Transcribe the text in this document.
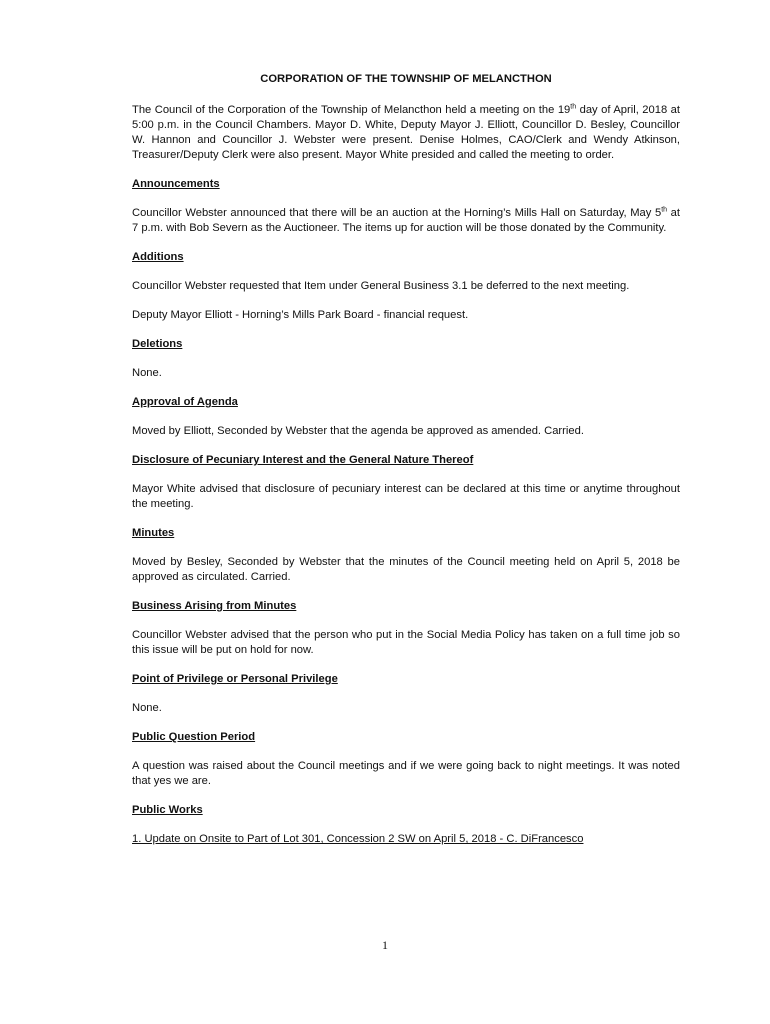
CORPORATION OF THE TOWNSHIP OF MELANCTHON

The Council of the Corporation of the Township of Melancthon held a meeting on the 19th day of April, 2018 at 5:00 p.m. in the Council Chambers. Mayor D. White, Deputy Mayor J. Elliott, Councillor D. Besley, Councillor W. Hannon and Councillor J. Webster were present. Denise Holmes, CAO/Clerk and Wendy Atkinson, Treasurer/Deputy Clerk were also present. Mayor White presided and called the meeting to order.

Announcements

Councillor Webster announced that there will be an auction at the Horning’s Mills Hall on Saturday, May 5th at 7 p.m. with Bob Severn as the Auctioneer. The items up for auction will be those donated by the Community.

Additions

Councillor Webster requested that Item under General Business 3.1 be deferred to the next meeting.

Deputy Mayor Elliott - Horning’s Mills Park Board - financial request.

Deletions

None.

Approval of Agenda

Moved by Elliott, Seconded by Webster that the agenda be approved as amended. Carried.

Disclosure of Pecuniary Interest and the General Nature Thereof

Mayor White advised that disclosure of pecuniary interest can be declared at this time or anytime throughout the meeting.

Minutes

Moved by Besley, Seconded by Webster that the minutes of the Council meeting held on April 5, 2018 be approved as circulated. Carried.

Business Arising from Minutes

Councillor Webster advised that the person who put in the Social Media Policy has taken on a full time job so this issue will be put on hold for now.

Point of Privilege or Personal Privilege

None.

Public Question Period

A question was raised about the Council meetings and if we were going back to night meetings. It was noted that yes we are.

Public Works

1. Update on Onsite to Part of Lot 301, Concession 2 SW on April 5, 2018 - C. DiFrancesco

1
